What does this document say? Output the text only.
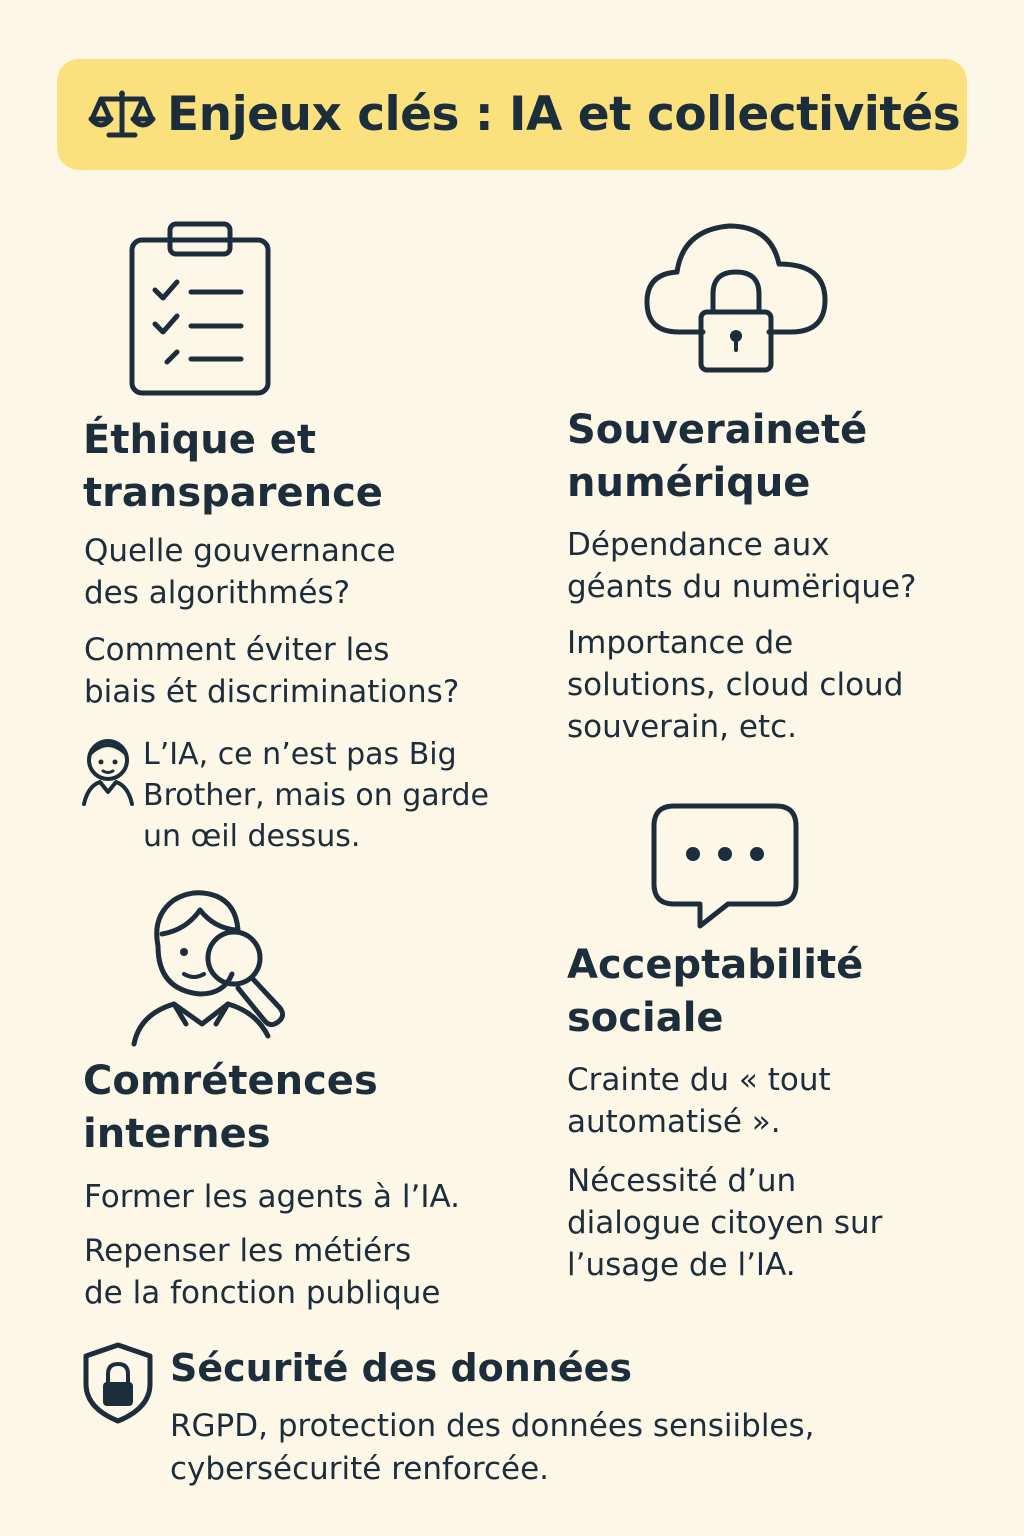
Enjeux clés : IA et collectivités
Éthique et
transparence

Quelle gouvernance
des algorithmés?

Comment éviter les
biais ét discriminations?

L’IA, ce n’est pas Big
Brother, mais on garde
un œil dessus.

Souveraineté
numérique

Dépendance aux
géants du numërique?

Importance de
solutions, cloud cloud
souverain, etc.

Acceptabilité
sociale

Crainte du « tout
automatisé ».

Nécessité d’un
dialogue citoyen sur
l’usage de l’IA.

Comrétences
internes

Former les agents à l’IA.

Repenser les métiérs
de la fonction publique

Sécurité des données

RGPD, protection des données sensiibles,
cybersécurité renforcée.
